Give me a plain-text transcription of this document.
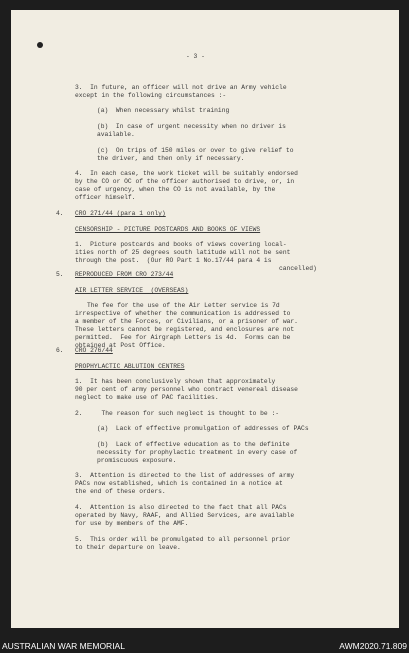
- 3 -
3.  In future, an officer will not drive an Army vehicle
except in the following circumstances :-
(a)  When necessary whilst training
(b)  In case of urgent necessity when no driver is
available.
(c)  On trips of 150 miles or over to give relief to
the driver, and then only if necessary.
4.  In each case, the work ticket will be suitably endorsed
by the CO or OC of the officer authorised to drive, or, in
case of urgency, when the CO is not available, by the
officer himself.
4. CRO 271/44 (para 1 only)
CENSORSHIP - PICTURE POSTCARDS AND BOOKS OF VIEWS
1.  Picture postcards and books of views covering local-
ities north of 25 degrees south latitude will not be sent
through the post.  (Our RO Part 1 No.17/44 para 4 is
cancelled)
5. REPRODUCED FROM CRO 273/44
AIR LETTER SERVICE  (OVERSEAS)
The fee for the use of the Air Letter service is 7d
irrespective of whether the communication is addressed to
a member of the Forces, or Civilians, or a prisoner of war.
These letters cannot be registered, and enclosures are not
permitted.  Fee for Airgraph Letters is 4d.  Forms can be
obtained at Post Office.
6. CRO 276/44
PROPHYLACTIC ABLUTION CENTRES
1.  It has been conclusively shown that approximately
90 per cent of army personnel who contract venereal disease
neglect to make use of PAC facilities.
2.     The reason for such neglect is thought to be :-
(a)  Lack of effective promulgation of addresses of PACs
(b)  Lack of effective education as to the definite
necessity for prophylactic treatment in every case of
promiscuous exposure.
3.  Attention is directed to the list of addresses of army
PACs now established, which is contained in a notice at
the end of these orders.
4.  Attention is also directed to the fact that all PACs
operated by Navy, RAAF, and Allied Services, are available
for use by members of the AMF.
5.  This order will be promulgated to all personnel prior
to their departure on leave.
AUSTRALIAN WAR MEMORIAL	AWM2020.71.809
